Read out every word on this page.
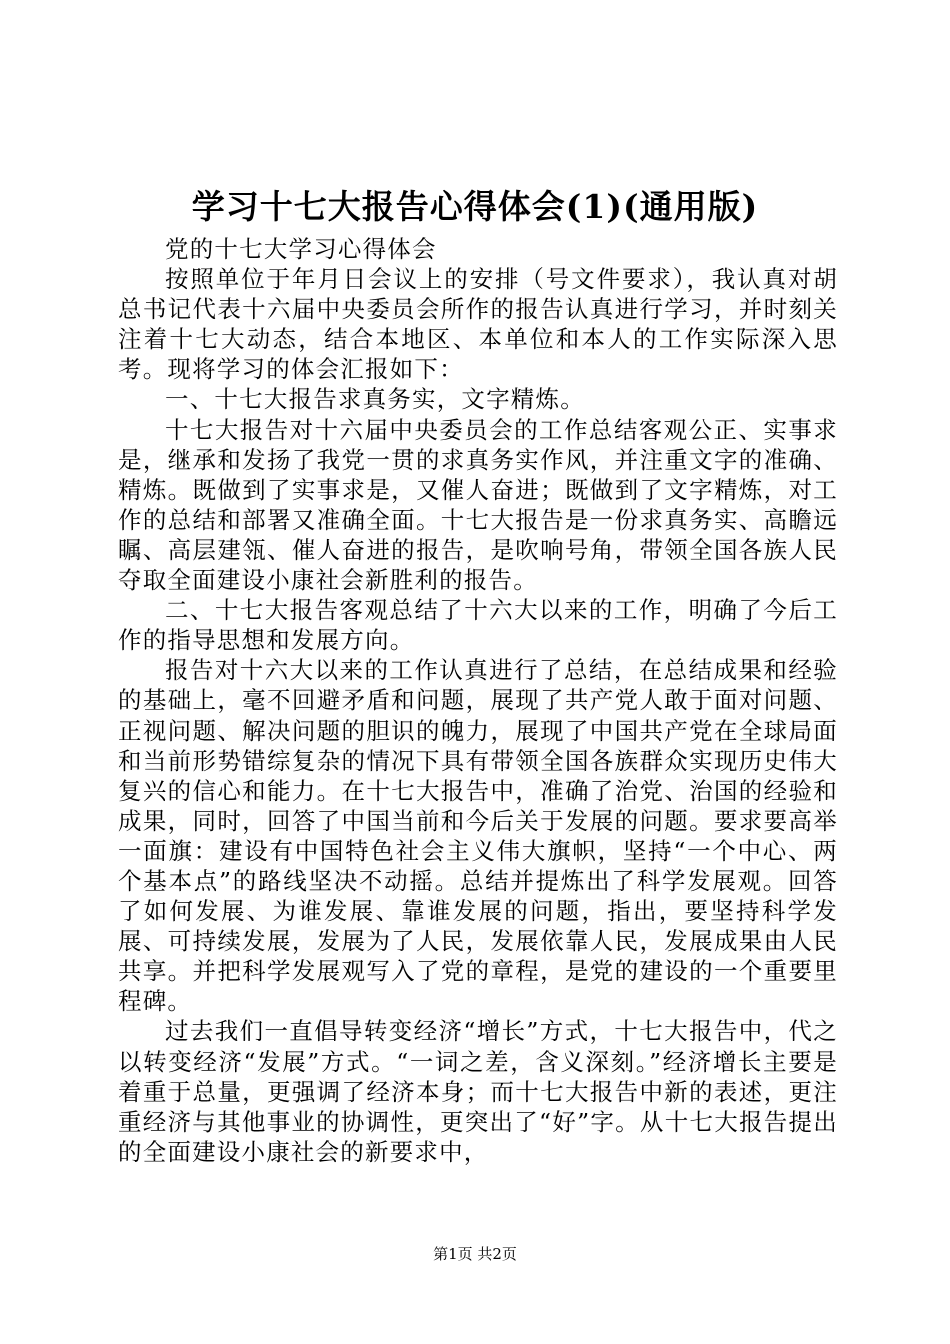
学习十七大报告心得体会(1)(通用版)

党的十七大学习心得体会

按照单位于年月日会议上的安排（号文件要求），我认真对胡总书记代表十六届中央委员会所作的报告认真进行学习，并时刻关注着十七大动态，结合本地区、本单位和本人的工作实际深入思考。现将学习的体会汇报如下：

一、十七大报告求真务实，文字精炼。

十七大报告对十六届中央委员会的工作总结客观公正、实事求是，继承和发扬了我党一贯的求真务实作风，并注重文字的准确、精炼。既做到了实事求是，又催人奋进；既做到了文字精炼，对工作的总结和部署又准确全面。十七大报告是一份求真务实、高瞻远瞩、高层建瓴、催人奋进的报告，是吹响号角，带领全国各族人民夺取全面建设小康社会新胜利的报告。

二、十七大报告客观总结了十六大以来的工作，明确了今后工作的指导思想和发展方向。

报告对十六大以来的工作认真进行了总结，在总结成果和经验的基础上，毫不回避矛盾和问题，展现了共产党人敢于面对问题、正视问题、解决问题的胆识的魄力，展现了中国共产党在全球局面和当前形势错综复杂的情况下具有带领全国各族群众实现历史伟大复兴的信心和能力。在十七大报告中，准确了治党、治国的经验和成果，同时，回答了中国当前和今后关于发展的问题。要求要高举一面旗：建设有中国特色社会主义伟大旗帜，坚持“一个中心、两个基本点”的路线坚决不动摇。总结并提炼出了科学发展观。回答了如何发展、为谁发展、靠谁发展的问题，指出，要坚持科学发展、可持续发展，发展为了人民，发展依靠人民，发展成果由人民共享。并把科学发展观写入了党的章程，是党的建设的一个重要里程碑。

过去我们一直倡导转变经济“增长”方式，十七大报告中，代之以转变经济“发展”方式。“一词之差，含义深刻。”经济增长主要是着重于总量，更强调了经济本身；而十七大报告中新的表述，更注重经济与其他事业的协调性，更突出了“好”字。从十七大报告提出的全面建设小康社会的新要求中，

第1页 共2页
